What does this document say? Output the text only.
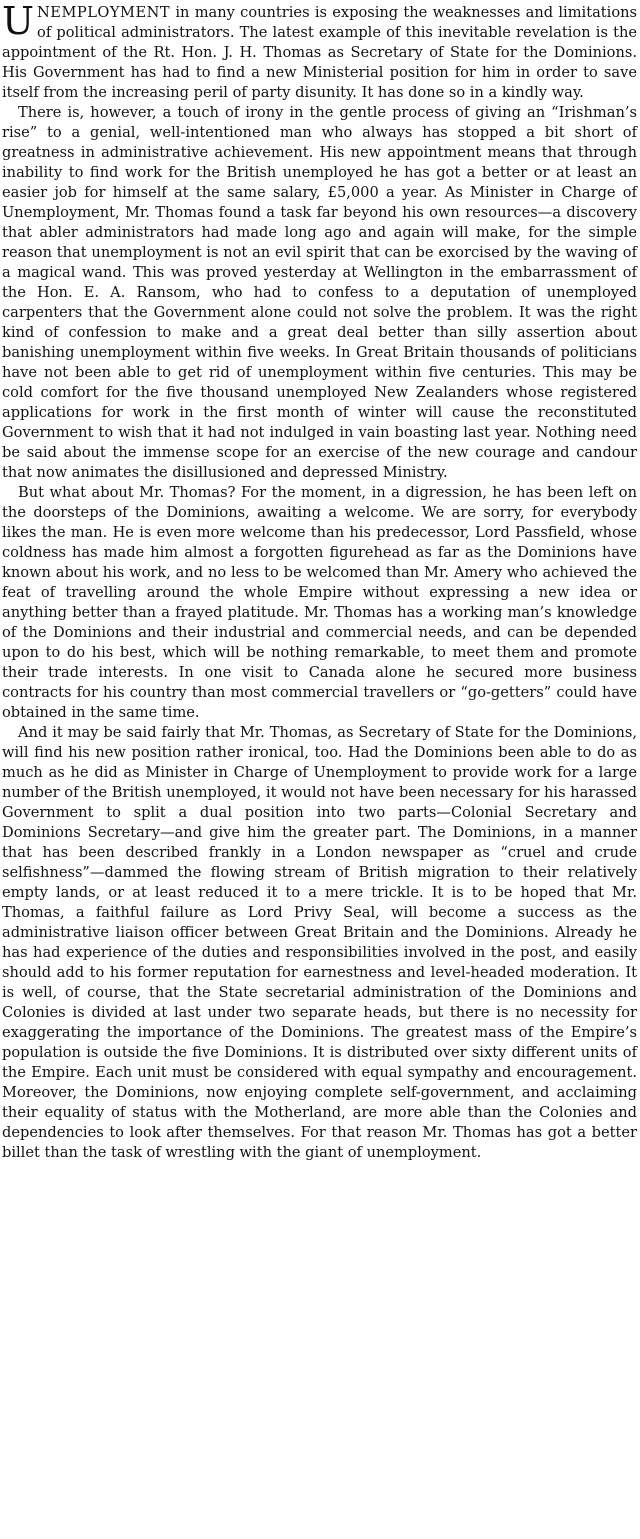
UNEMPLOYMENT in many countries is exposing the weaknesses and limitations of political administrators. The latest example of this inevitable revelation is the appointment of the Rt. Hon. J. H. Thomas as Secretary of State for the Dominions. His Government has had to find a new Ministerial position for him in order to save itself from the increasing peril of party disunity. It has done so in a kindly way.

There is, however, a touch of irony in the gentle process of giving an “Irishman’s rise” to a genial, well-intentioned man who always has stopped a bit short of greatness in administrative achievement. His new appointment means that through inability to find work for the British unemployed he has got a better or at least an easier job for himself at the same salary, £5,000 a year. As Minister in Charge of Unemployment, Mr. Thomas found a task far beyond his own resources—a discovery that abler administrators had made long ago and again will make, for the simple reason that unemployment is not an evil spirit that can be exorcised by the waving of a magical wand. This was proved yesterday at Wellington in the embarrassment of the Hon. E. A. Ransom, who had to confess to a deputation of unemployed carpenters that the Government alone could not solve the problem. It was the right kind of confession to make and a great deal better than silly assertion about banishing unemployment within five weeks. In Great Britain thousands of politicians have not been able to get rid of unemployment within five centuries. This may be cold comfort for the five thousand unemployed New Zealanders whose registered applications for work in the first month of winter will cause the reconstituted Government to wish that it had not indulged in vain boasting last year. Nothing need be said about the immense scope for an exercise of the new courage and candour that now animates the disillusioned and depressed Ministry.

But what about Mr. Thomas? For the moment, in a digression, he has been left on the doorsteps of the Dominions, awaiting a welcome. We are sorry, for everybody likes the man. He is even more welcome than his predecessor, Lord Passfield, whose coldness has made him almost a forgotten figurehead as far as the Dominions have known about his work, and no less to be welcomed than Mr. Amery who achieved the feat of travelling around the whole Empire without expressing a new idea or anything better than a frayed platitude. Mr. Thomas has a working man’s knowledge of the Dominions and their industrial and commercial needs, and can be depended upon to do his best, which will be nothing remarkable, to meet them and promote their trade interests. In one visit to Canada alone he secured more business contracts for his country than most commercial travellers or “go-getters” could have obtained in the same time.

And it may be said fairly that Mr. Thomas, as Secretary of State for the Dominions, will find his new position rather ironical, too. Had the Dominions been able to do as much as he did as Minister in Charge of Unemployment to provide work for a large number of the British unemployed, it would not have been necessary for his harassed Government to split a dual position into two parts—Colonial Secretary and Dominions Secretary—and give him the greater part. The Dominions, in a manner that has been described frankly in a London newspaper as “cruel and crude selfishness”—dammed the flowing stream of British migration to their relatively empty lands, or at least reduced it to a mere trickle. It is to be hoped that Mr. Thomas, a faithful failure as Lord Privy Seal, will become a success as the administrative liaison officer between Great Britain and the Dominions. Already he has had experience of the duties and responsibilities involved in the post, and easily should add to his former reputation for earnestness and level-headed moderation. It is well, of course, that the State secretarial administration of the Dominions and Colonies is divided at last under two separate heads, but there is no necessity for exaggerating the importance of the Dominions. The greatest mass of the Empire’s population is outside the five Dominions. It is distributed over sixty different units of the Empire. Each unit must be considered with equal sympathy and encouragement. Moreover, the Dominions, now enjoying complete self-government, and acclaiming their equality of status with the Motherland, are more able than the Colonies and dependencies to look after themselves. For that reason Mr. Thomas has got a better billet than the task of wrestling with the giant of unemployment.
